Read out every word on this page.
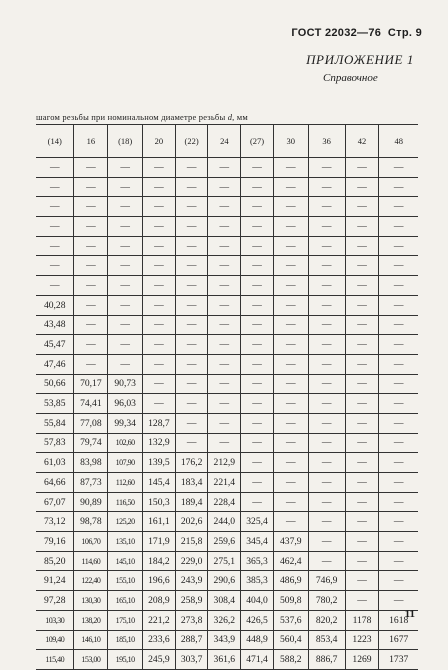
ГОСТ 22032—76 Стр. 9
ПРИЛОЖЕНИЕ 1
Справочное
шагом резьбы при номинальном диаметре резьбы d, мм
(14)	16	(18)	20	(22)	24	(27)	30	36	42	48
—	—	—	—	—	—	—	—	—	—	—
—	—	—	—	—	—	—	—	—	—	—
—	—	—	—	—	—	—	—	—	—	—
—	—	—	—	—	—	—	—	—	—	—
—	—	—	—	—	—	—	—	—	—	—
—	—	—	—	—	—	—	—	—	—	—
—	—	—	—	—	—	—	—	—	—	—
40,28	—	—	—	—	—	—	—	—	—	—
43,48	—	—	—	—	—	—	—	—	—	—
45,47	—	—	—	—	—	—	—	—	—	—
47,46	—	—	—	—	—	—	—	—	—	—
50,66	70,17	90,73	—	—	—	—	—	—	—	—
53,85	74,41	96,03	—	—	—	—	—	—	—	—
55,84	77,08	99,34	128,7	—	—	—	—	—	—	—
57,83	79,74	102,60	132,9	—	—	—	—	—	—	—
61,03	83,98	107,90	139,5	176,2	212,9	—	—	—	—	—
64,66	87,73	112,60	145,4	183,4	221,4	—	—	—	—	—
67,07	90,89	116,50	150,3	189,4	228,4	—	—	—	—	—
73,12	98,78	125,20	161,1	202,6	244,0	325,4	—	—	—	—
79,16	106,70	135,10	171,9	215,8	259,6	345,4	437,9	—	—	—
85,20	114,60	145,10	184,2	229,0	275,1	365,3	462,4	—	—	—
91,24	122,40	155,10	196,6	243,9	290,6	385,3	486,9	746,9	—	—
97,28	130,30	165,10	208,9	258,9	308,4	404,0	509,8	780,2	—	—
103,30	138,20	175,10	221,2	273,8	326,2	426,5	537,6	820,2	1178	1618
109,40	146,10	185,10	233,6	288,7	343,9	448,9	560,4	853,4	1223	1677
115,40	153,00	195,10	245,9	303,7	361,6	471,4	588,2	886,7	1269	1737
11
